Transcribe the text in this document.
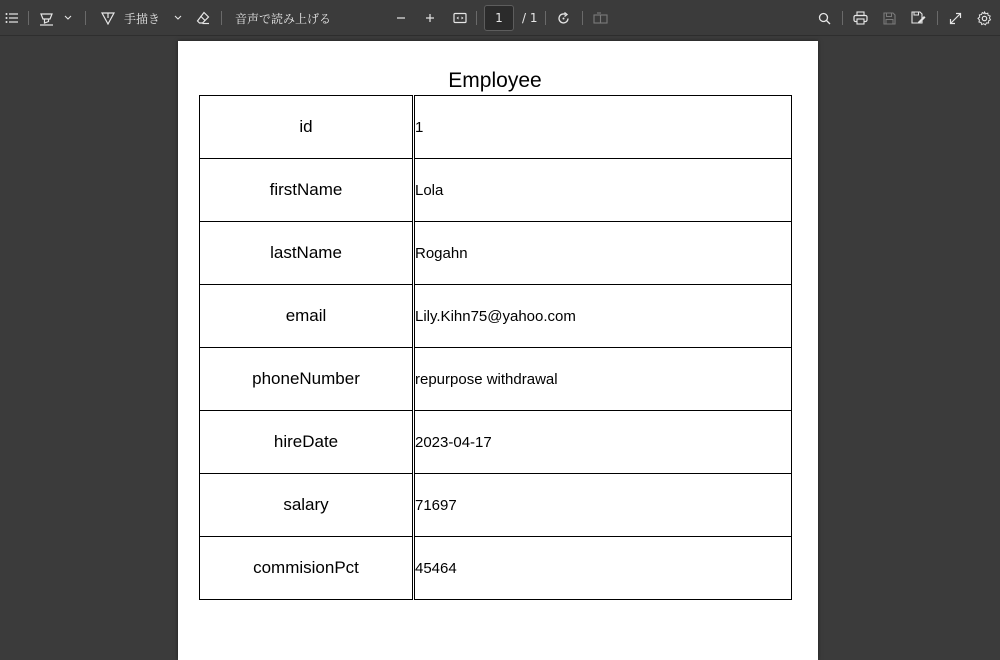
手描き	音声で読み上げる	1	/ 1
Employee
id	1
firstName	Lola
lastName	Rogahn
email	Lily.Kihn75@yahoo.com
phoneNumber	repurpose withdrawal
hireDate	2023-04-17
salary	71697
commisionPct	45464
